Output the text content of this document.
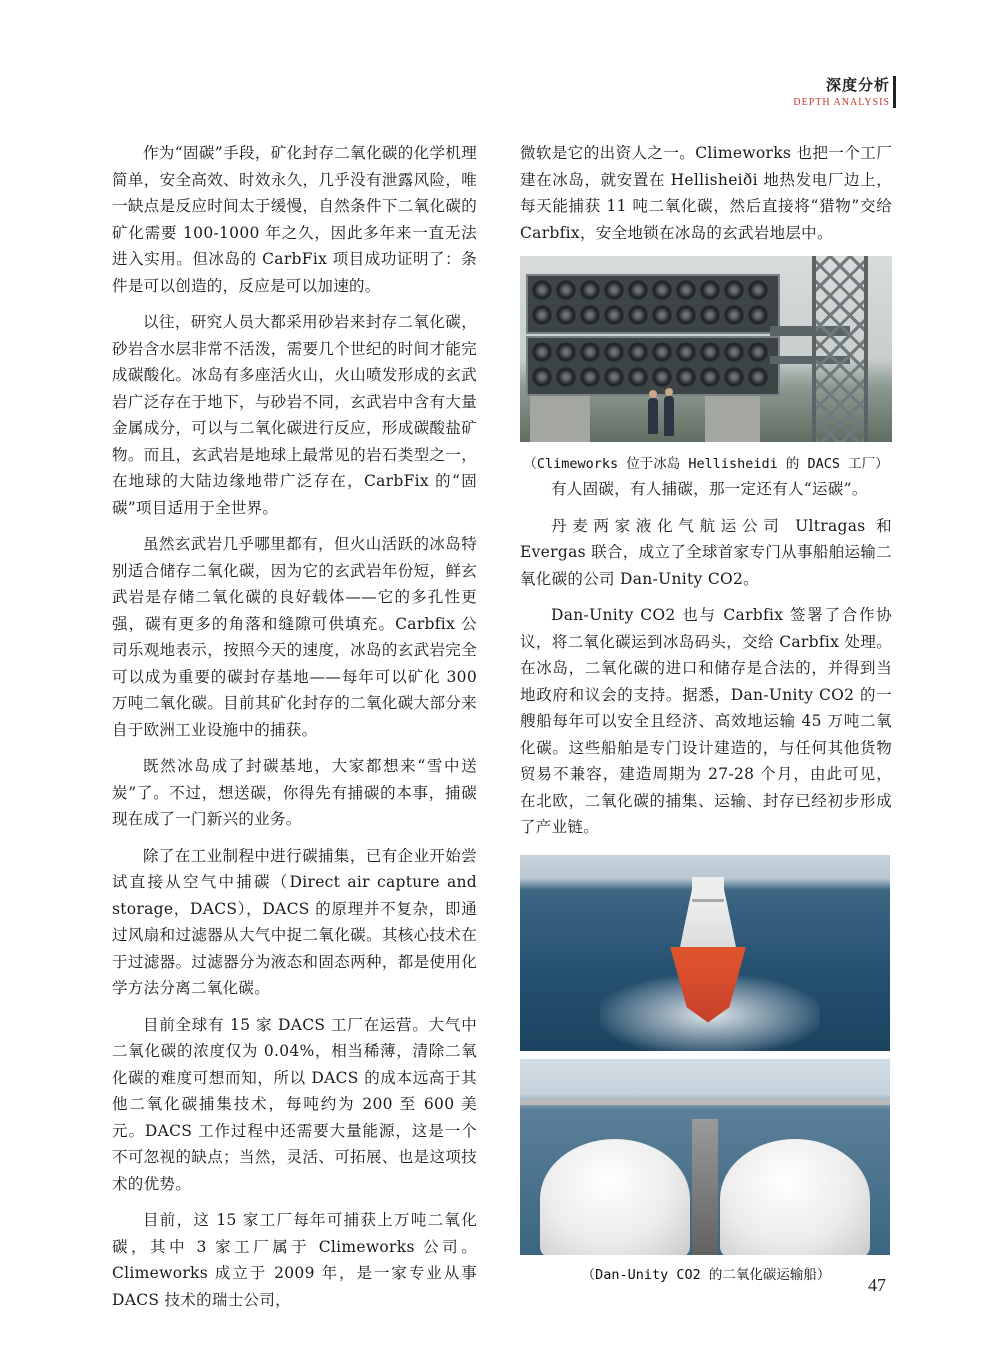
深度分析
DEPTH ANALYSIS

作为“固碳”手段，矿化封存二氧化碳的化学机理简单，安全高效、时效永久，几乎没有泄露风险，唯一缺点是反应时间太于缓慢，自然条件下二氧化碳的矿化需要 100-1000 年之久，因此多年来一直无法进入实用。但冰岛的 CarbFix 项目成功证明了：条件是可以创造的，反应是可以加速的。

以往，研究人员大都采用砂岩来封存二氧化碳，砂岩含水层非常不活泼，需要几个世纪的时间才能完成碳酸化。冰岛有多座活火山，火山喷发形成的玄武岩广泛存在于地下，与砂岩不同，玄武岩中含有大量金属成分，可以与二氧化碳进行反应，形成碳酸盐矿物。而且，玄武岩是地球上最常见的岩石类型之一，在地球的大陆边缘地带广泛存在，CarbFix 的“固碳”项目适用于全世界。

虽然玄武岩几乎哪里都有，但火山活跃的冰岛特别适合储存二氧化碳，因为它的玄武岩年份短，鲜玄武岩是存储二氧化碳的良好载体——它的多孔性更强，碳有更多的角落和缝隙可供填充。Carbfix 公司乐观地表示，按照今天的速度，冰岛的玄武岩完全可以成为重要的碳封存基地——每年可以矿化 300 万吨二氧化碳。目前其矿化封存的二氧化碳大部分来自于欧洲工业设施中的捕获。

既然冰岛成了封碳基地，大家都想来“雪中送炭”了。不过，想送碳，你得先有捕碳的本事，捕碳现在成了一门新兴的业务。

除了在工业制程中进行碳捕集，已有企业开始尝试直接从空气中捕碳（Direct air capture and storage，DACS），DACS 的原理并不复杂，即通过风扇和过滤器从大气中捉二氧化碳。其核心技术在于过滤器。过滤器分为液态和固态两种，都是使用化学方法分离二氧化碳。

目前全球有 15 家 DACS 工厂在运营。大气中二氧化碳的浓度仅为 0.04%，相当稀薄，清除二氧化碳的难度可想而知，所以 DACS 的成本远高于其他二氧化碳捕集技术，每吨约为 200 至 600 美元。DACS 工作过程中还需要大量能源，这是一个不可忽视的缺点；当然，灵活、可拓展、也是这项技术的优势。

目前，这 15 家工厂每年可捕获上万吨二氧化碳，其中 3 家工厂属于 Climeworks 公司。Climeworks 成立于 2009 年，是一家专业从事 DACS 技术的瑞士公司，

微软是它的出资人之一。Climeworks 也把一个工厂建在冰岛，就安置在 Hellisheiði 地热发电厂边上，每天能捕获 11 吨二氧化碳，然后直接将“猎物”交给 Carbfix，安全地锁在冰岛的玄武岩地层中。

（Climeworks 位于冰岛 Hellisheidi 的 DACS 工厂）

有人固碳，有人捕碳，那一定还有人“运碳”。

丹麦两家液化气航运公司 Ultragas 和 Evergas 联合，成立了全球首家专门从事船舶运输二氧化碳的公司 Dan-Unity CO2。

Dan-Unity CO2 也与 Carbfix 签署了合作协议，将二氧化碳运到冰岛码头，交给 Carbfix 处理。在冰岛，二氧化碳的进口和储存是合法的，并得到当地政府和议会的支持。据悉，Dan-Unity CO2 的一艘船每年可以安全且经济、高效地运输 45 万吨二氧化碳。这些船舶是专门设计建造的，与任何其他货物贸易不兼容，建造周期为 27-28 个月，由此可见，在北欧，二氧化碳的捕集、运输、封存已经初步形成了产业链。

（Dan-Unity CO2 的二氧化碳运输船）
47
